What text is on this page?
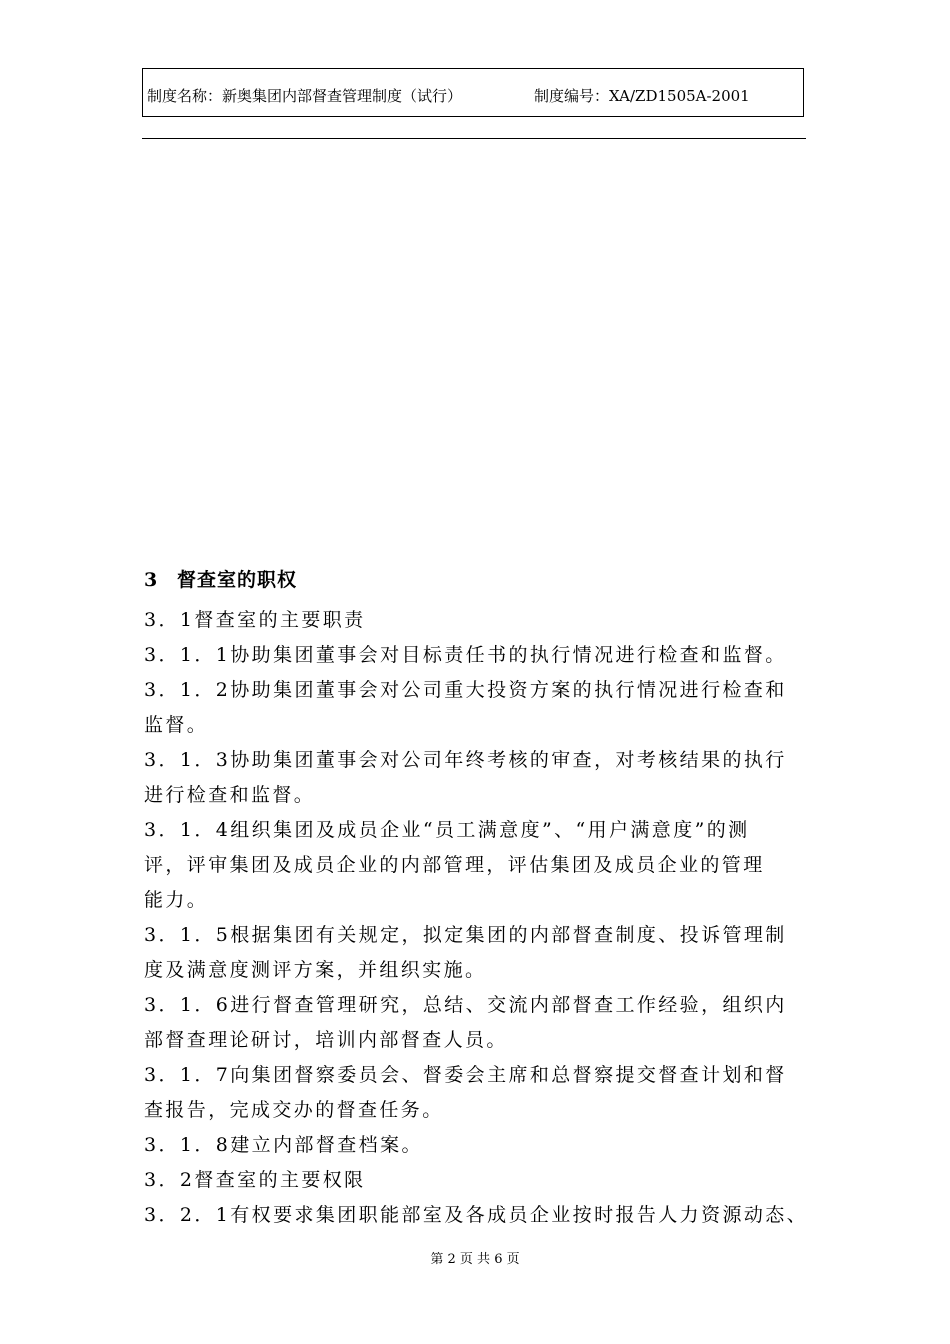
制度名称：新奥集团内部督查管理制度（试行）	制度编号：XA/ZD1505A-2001
3 督查室的职权

3．1督查室的主要职责

3．1．1协助集团董事会对目标责任书的执行情况进行检查和监督。

3．1．2协助集团董事会对公司重大投资方案的执行情况进行检查和

监督。

3．1．3协助集团董事会对公司年终考核的审查，对考核结果的执行

进行检查和监督。

3．1．4组织集团及成员企业“员工满意度”、“用户满意度”的测

评，评审集团及成员企业的内部管理，评估集团及成员企业的管理

能力。

3．1．5根据集团有关规定，拟定集团的内部督查制度、投诉管理制

度及满意度测评方案，并组织实施。

3．1．6进行督查管理研究，总结、交流内部督查工作经验，组织内

部督查理论研讨，培训内部督查人员。

3．1．7向集团督察委员会、督委会主席和总督察提交督查计划和督

查报告，完成交办的督查任务。

3．1．8建立内部督查档案。

3．2督查室的主要权限

3．2．1有权要求集团职能部室及各成员企业按时报告人力资源动态、

第 2 页 共 6 页
